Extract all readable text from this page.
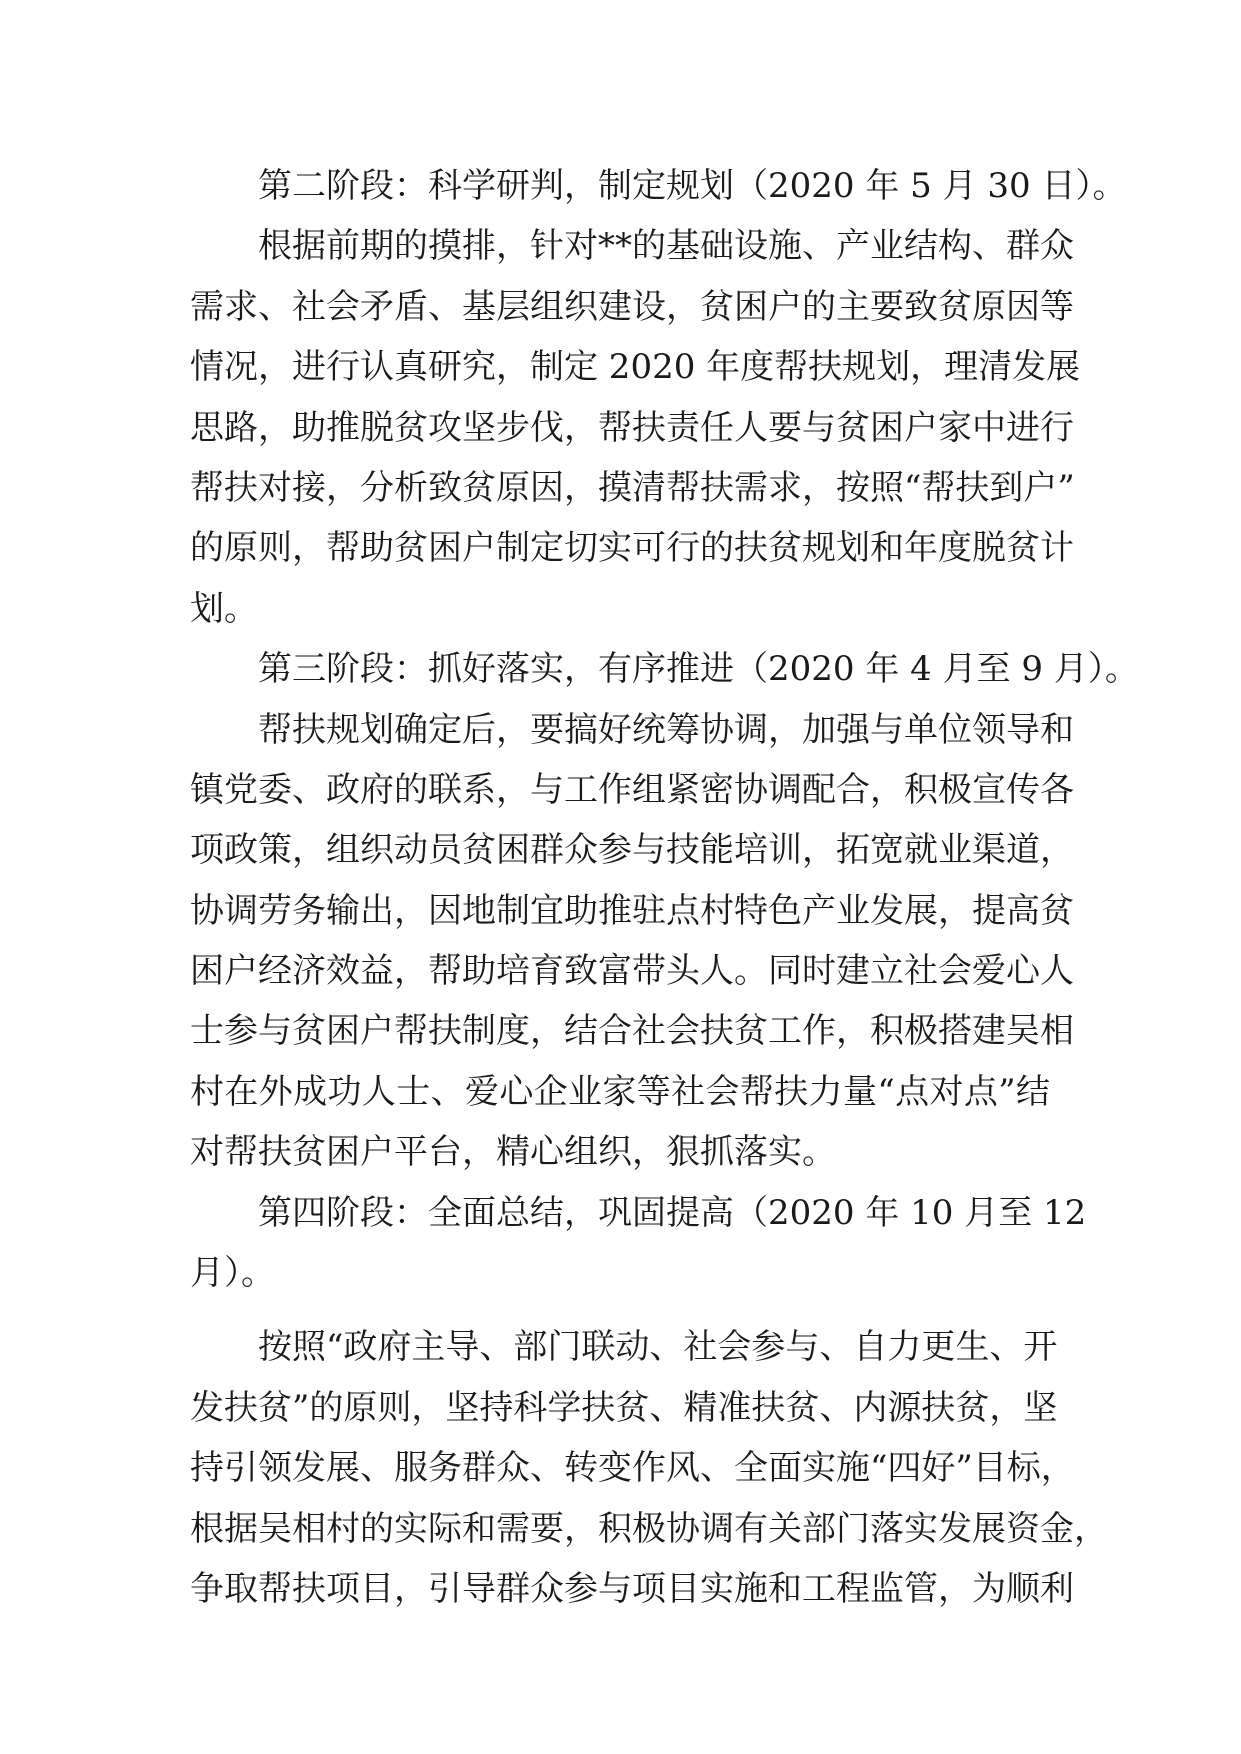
第二阶段：科学研判，制定规划（2020 年 5 月 30 日）。
根据前期的摸排，针对**的基础设施、产业结构、群众
需求、社会矛盾、基层组织建设，贫困户的主要致贫原因等
情况，进行认真研究，制定 2020 年度帮扶规划，理清发展
思路，助推脱贫攻坚步伐，帮扶责任人要与贫困户家中进行
帮扶对接，分析致贫原因，摸清帮扶需求，按照“帮扶到户”
的原则，帮助贫困户制定切实可行的扶贫规划和年度脱贫计
划。
第三阶段：抓好落实，有序推进（2020 年 4 月至 9 月）。
帮扶规划确定后，要搞好统筹协调，加强与单位领导和
镇党委、政府的联系，与工作组紧密协调配合，积极宣传各
项政策，组织动员贫困群众参与技能培训，拓宽就业渠道，
协调劳务输出，因地制宜助推驻点村特色产业发展，提高贫
困户经济效益，帮助培育致富带头人。同时建立社会爱心人
士参与贫困户帮扶制度，结合社会扶贫工作，积极搭建吴相
村在外成功人士、爱心企业家等社会帮扶力量“点对点”结
对帮扶贫困户平台，精心组织，狠抓落实。
第四阶段：全面总结，巩固提高（2020 年 10 月至 12
月）。
按照“政府主导、部门联动、社会参与、自力更生、开
发扶贫”的原则，坚持科学扶贫、精准扶贫、内源扶贫，坚
持引领发展、服务群众、转变作风、全面实施“四好”目标，
根据吴相村的实际和需要，积极协调有关部门落实发展资金，
争取帮扶项目，引导群众参与项目实施和工程监管，为顺利
